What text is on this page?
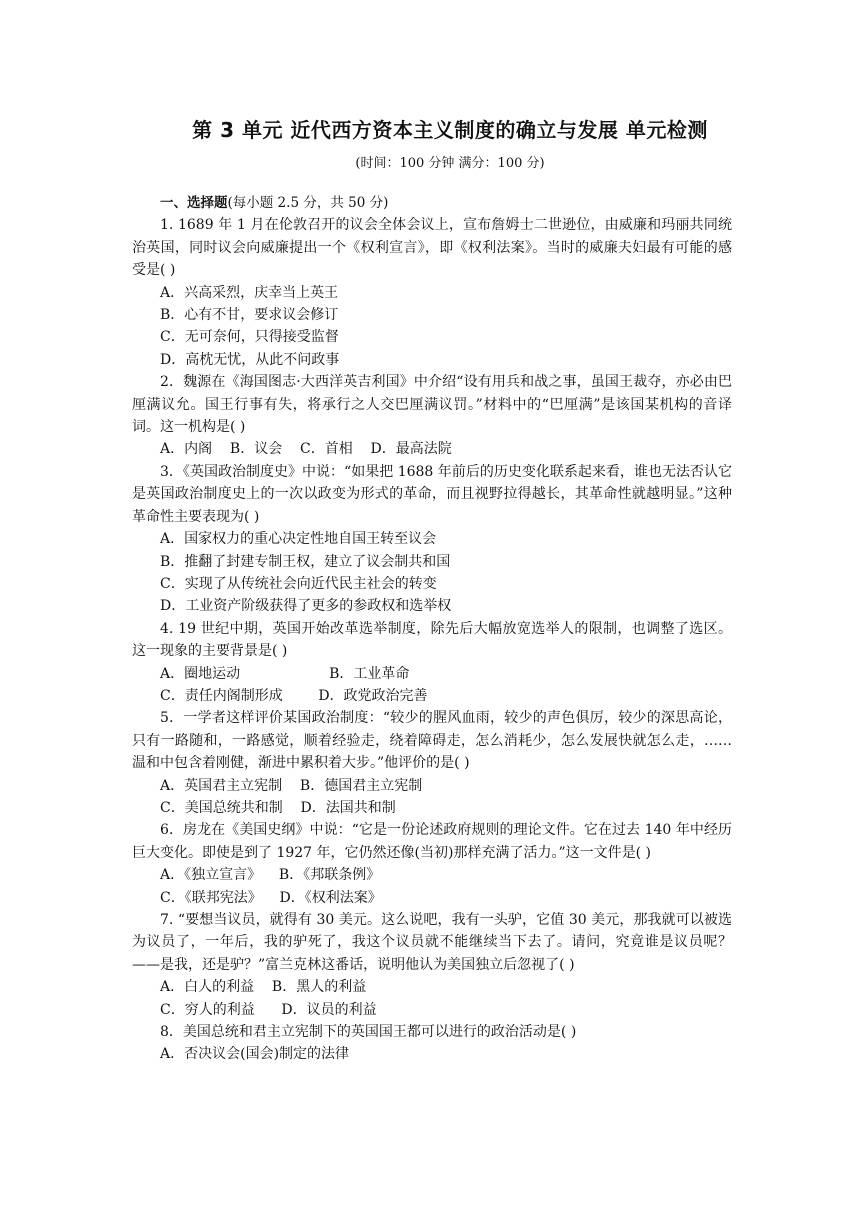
第 3 单元 近代西方资本主义制度的确立与发展 单元检测
(时间：100 分钟 满分：100 分)
一、选择题(每小题 2.5 分，共 50 分)

1. 1689 年 1 月在伦敦召开的议会全体会议上，宣布詹姆士二世逊位，由威廉和玛丽共同统治英国，同时议会向威廉提出一个《权利宣言》，即《权利法案》。当时的威廉夫妇最有可能的感受是( )

A．兴高采烈，庆幸当上英王

B．心有不甘，要求议会修订

C．无可奈何，只得接受监督

D．高枕无忧，从此不问政事

2．魏源在《海国图志·大西洋英吉利国》中介绍“设有用兵和战之事，虽国王裁夺，亦必由巴厘满议允。国王行事有失，将承行之人交巴厘满议罚。”材料中的“巴厘满”是该国某机构的音译词。这一机构是( )

A．内阁    B．议会    C．首相    D．最高法院

3．《英国政治制度史》中说：“如果把 1688 年前后的历史变化联系起来看，谁也无法否认它是英国政治制度史上的一次以政变为形式的革命，而且视野拉得越长，其革命性就越明显。”这种革命性主要表现为( )

A．国家权力的重心决定性地自国王转至议会

B．推翻了封建专制王权，建立了议会制共和国

C．实现了从传统社会向近代民主社会的转变

D．工业资产阶级获得了更多的参政权和选举权

4. 19 世纪中期，英国开始改革选举制度，除先后大幅放宽选举人的限制，也调整了选区。这一现象的主要背景是( )

A．圈地运动                    B．工业革命

C．责任内阁制形成        D．政党政治完善

5．一学者这样评价某国政治制度：“较少的腥风血雨，较少的声色俱厉，较少的深思高论，只有一路随和，一路感觉，顺着经验走，绕着障碍走，怎么消耗少，怎么发展快就怎么走，……温和中包含着刚健，渐进中累积着大步。”他评价的是( )

A．英国君主立宪制    B．德国君主立宪制

C．美国总统共和制    D．法国共和制

6．房龙在《美国史纲》中说：“它是一份论述政府规则的理论文件。它在过去 140 年中经历巨大变化。即使是到了 1927 年，它仍然还像(当初)那样充满了活力。”这一文件是( )

A．《独立宣言》    B．《邦联条例》

C．《联邦宪法》    D．《权利法案》

7. “要想当议员，就得有 30 美元。这么说吧，我有一头驴，它值 30 美元，那我就可以被选为议员了，一年后，我的驴死了，我这个议员就不能继续当下去了。请问，究竟谁是议员呢？——是我，还是驴？”富兰克林这番话，说明他认为美国独立后忽视了( )

A．白人的利益    B．黑人的利益

C．穷人的利益      D．议员的利益

8．美国总统和君主立宪制下的英国国王都可以进行的政治活动是( )

A．否决议会(国会)制定的法律
